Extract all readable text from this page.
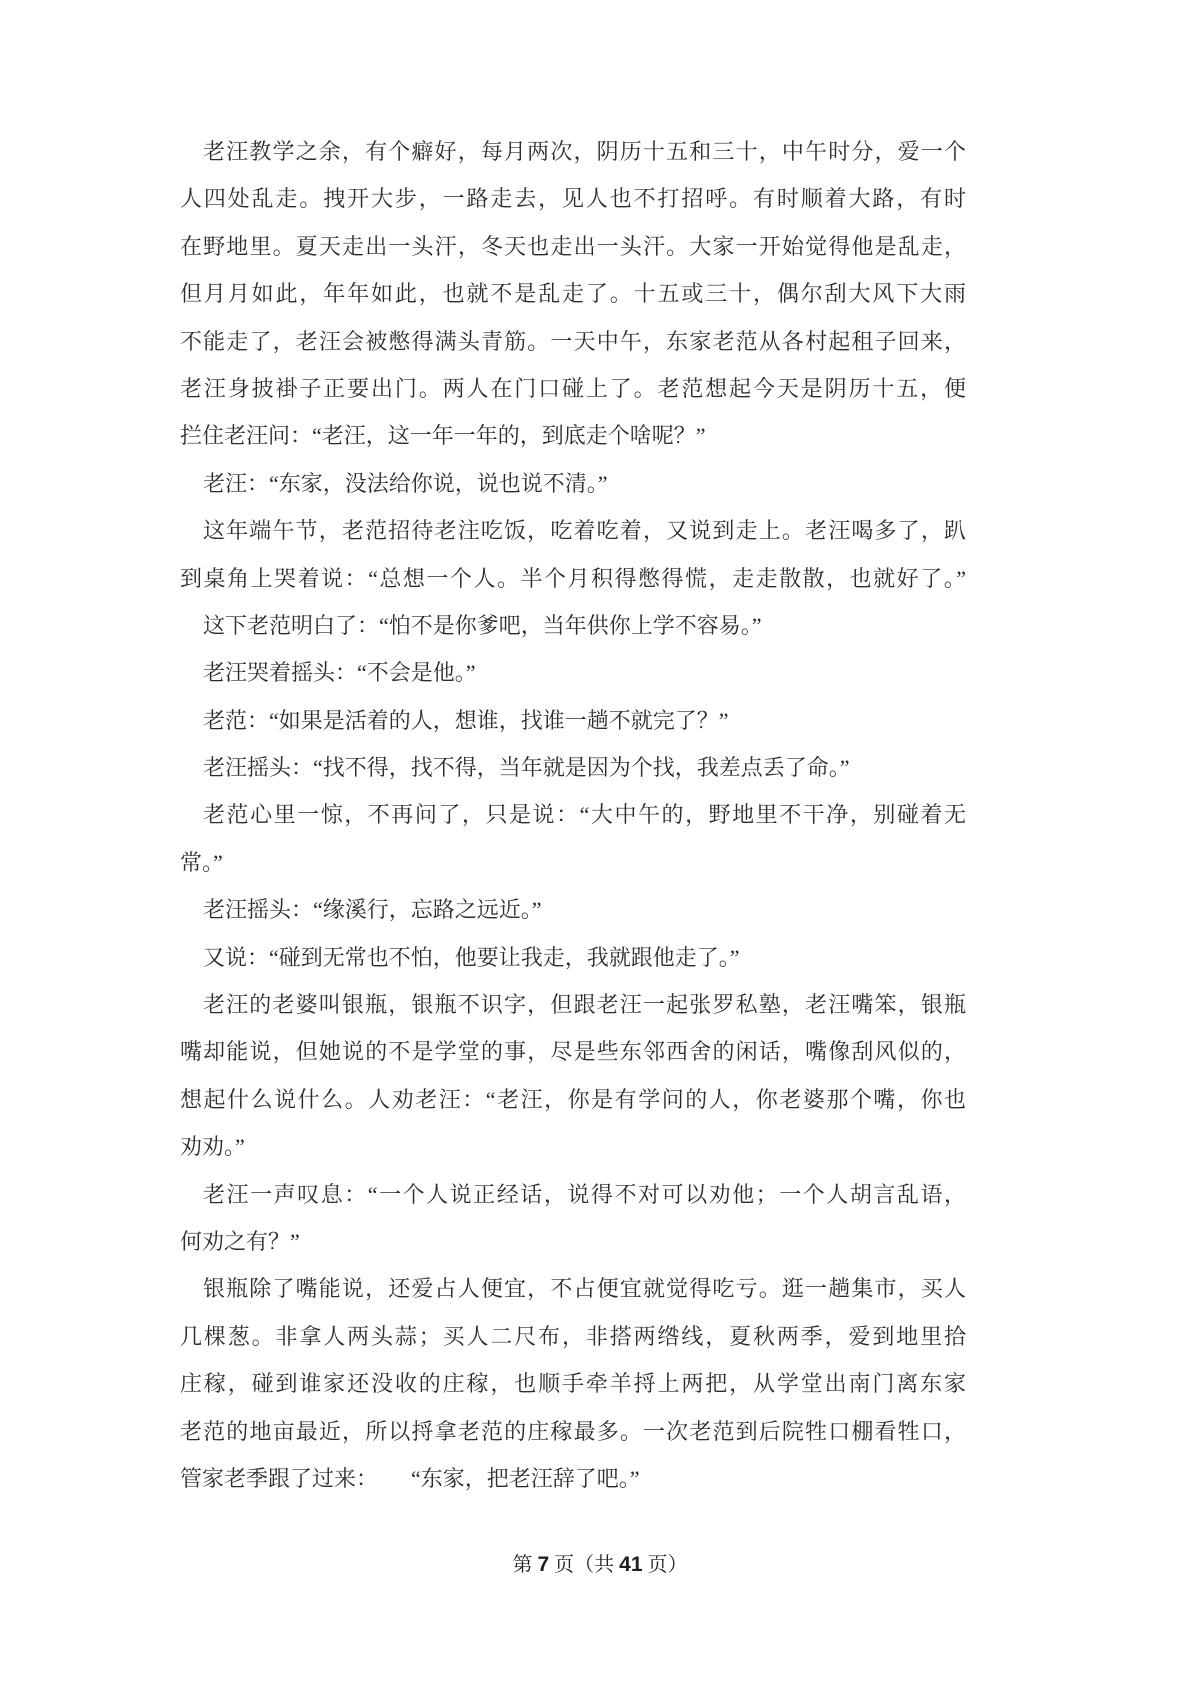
老汪教学之余，有个癖好，每月两次，阴历十五和三十，中午时分，爱一个
人四处乱走。拽开大步，一路走去，见人也不打招呼。有时顺着大路，有时
在野地里。夏天走出一头汗，冬天也走出一头汗。大家一开始觉得他是乱走，
但月月如此，年年如此，也就不是乱走了。十五或三十，偶尔刮大风下大雨
不能走了，老汪会被憋得满头青筋。一天中午，东家老范从各村起租子回来，
老汪身披褂子正要出门。两人在门口碰上了。老范想起今天是阴历十五，便
拦住老汪问：“老汪，这一年一年的，到底走个啥呢？”
老汪：“东家，没法给你说，说也说不清。”
这年端午节，老范招待老注吃饭，吃着吃着，又说到走上。老汪喝多了，趴
到桌角上哭着说：“总想一个人。半个月积得憋得慌，走走散散，也就好了。”
这下老范明白了：“怕不是你爹吧，当年供你上学不容易。”
老汪哭着摇头：“不会是他。”
老范：“如果是活着的人，想谁，找谁一趟不就完了？”
老汪摇头：“找不得，找不得，当年就是因为个找，我差点丢了命。”
老范心里一惊，不再问了，只是说：“大中午的，野地里不干净，别碰着无
常。”
老汪摇头：“缘溪行，忘路之远近。”
又说：“碰到无常也不怕，他要让我走，我就跟他走了。”
老汪的老婆叫银瓶，银瓶不识字，但跟老汪一起张罗私塾，老汪嘴笨，银瓶
嘴却能说，但她说的不是学堂的事，尽是些东邻西舍的闲话，嘴像刮风似的，
想起什么说什么。人劝老汪：“老汪，你是有学问的人，你老婆那个嘴，你也
劝劝。”
老汪一声叹息：“一个人说正经话，说得不对可以劝他；一个人胡言乱语，
何劝之有？”
银瓶除了嘴能说，还爱占人便宜，不占便宜就觉得吃亏。逛一趟集市，买人
几棵葱。非拿人两头蒜；买人二尺布，非搭两绺线，夏秋两季，爱到地里拾
庄稼，碰到谁家还没收的庄稼，也顺手牵羊捋上两把，从学堂出南门离东家
老范的地亩最近，所以捋拿老范的庄稼最多。一次老范到后院牲口棚看牲口，
管家老季跟了过来：　　“东家，把老汪辞了吧。”
第 7 页（共 41 页）
